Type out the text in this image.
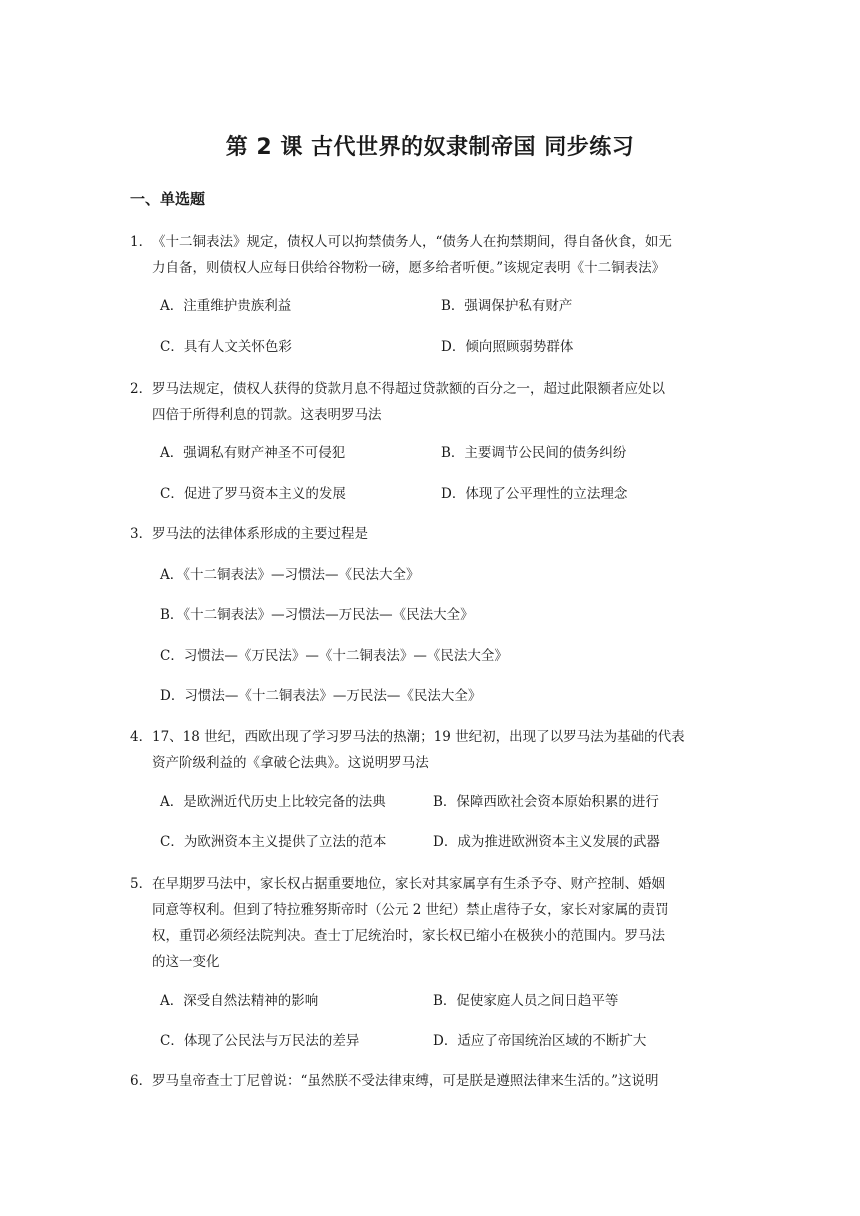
第 2 课 古代世界的奴隶制帝国 同步练习
一、单选题
1．《十二铜表法》规定，债权人可以拘禁债务人，“债务人在拘禁期间，得自备伙食，如无
力自备，则债权人应每日供给谷物粉一磅，愿多给者听便。”该规定表明《十二铜表法》
A．注重维护贵族利益	B．强调保护私有财产
C．具有人文关怀色彩	D．倾向照顾弱势群体
2．罗马法规定，债权人获得的贷款月息不得超过贷款额的百分之一，超过此限额者应处以
四倍于所得利息的罚款。这表明罗马法
A．强调私有财产神圣不可侵犯	B．主要调节公民间的债务纠纷
C．促进了罗马资本主义的发展	D．体现了公平理性的立法理念
3．罗马法的法律体系形成的主要过程是
A．《十二铜表法》—习惯法—《民法大全》
B．《十二铜表法》—习惯法—万民法—《民法大全》
C．习惯法—《万民法》—《十二铜表法》—《民法大全》
D．习惯法—《十二铜表法》—万民法—《民法大全》
4．17、18 世纪，西欧出现了学习罗马法的热潮；19 世纪初，出现了以罗马法为基础的代表
资产阶级利益的《拿破仑法典》。这说明罗马法
A．是欧洲近代历史上比较完备的法典	B．保障西欧社会资本原始积累的进行
C．为欧洲资本主义提供了立法的范本	D．成为推进欧洲资本主义发展的武器
5．在早期罗马法中，家长权占据重要地位，家长对其家属享有生杀予夺、财产控制、婚姻
同意等权利。但到了特拉雅努斯帝时（公元 2 世纪）禁止虐待子女，家长对家属的责罚
权，重罚必须经法院判决。查士丁尼统治时，家长权已缩小在极狭小的范围内。罗马法
的这一变化
A．深受自然法精神的影响	B．促使家庭人员之间日趋平等
C．体现了公民法与万民法的差异	D．适应了帝国统治区域的不断扩大
6．罗马皇帝查士丁尼曾说：“虽然朕不受法律束缚，可是朕是遵照法律来生活的。”这说明
